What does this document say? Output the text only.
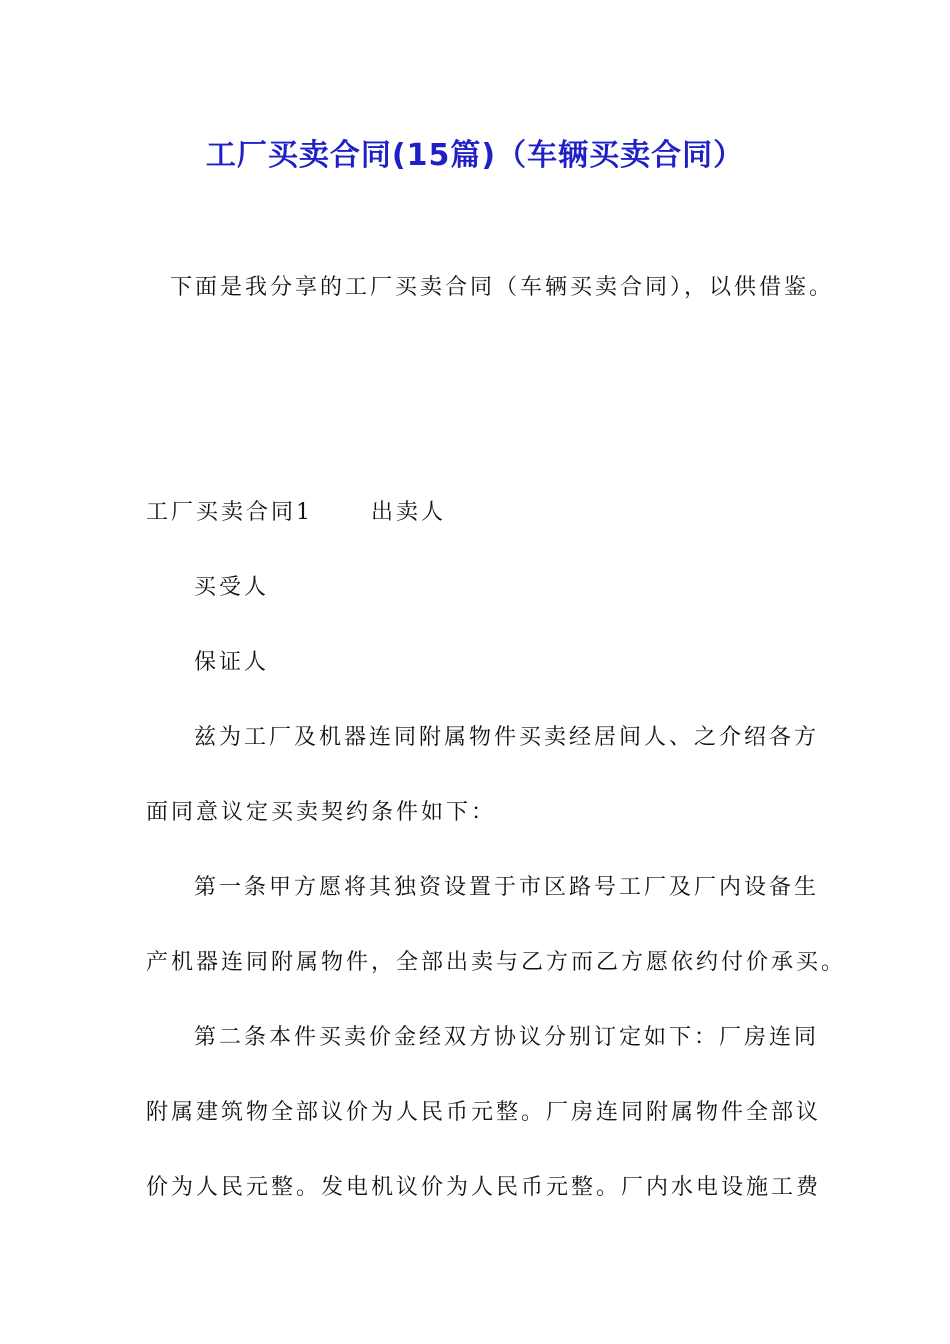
工厂买卖合同(15篇)（车辆买卖合同）

下面是我分享的工厂买卖合同（车辆买卖合同），以供借鉴。

工厂买卖合同1	出卖人

买受人

保证人

兹为工厂及机器连同附属物件买卖经居间人、之介绍各方

面同意议定买卖契约条件如下：

第一条甲方愿将其独资设置于市区路号工厂及厂内设备生

产机器连同附属物件，全部出卖与乙方而乙方愿依约付价承买。

第二条本件买卖价金经双方协议分别订定如下：厂房连同

附属建筑物全部议价为人民币元整。厂房连同附属物件全部议

价为人民元整。发电机议价为人民币元整。厂内水电设施工费
